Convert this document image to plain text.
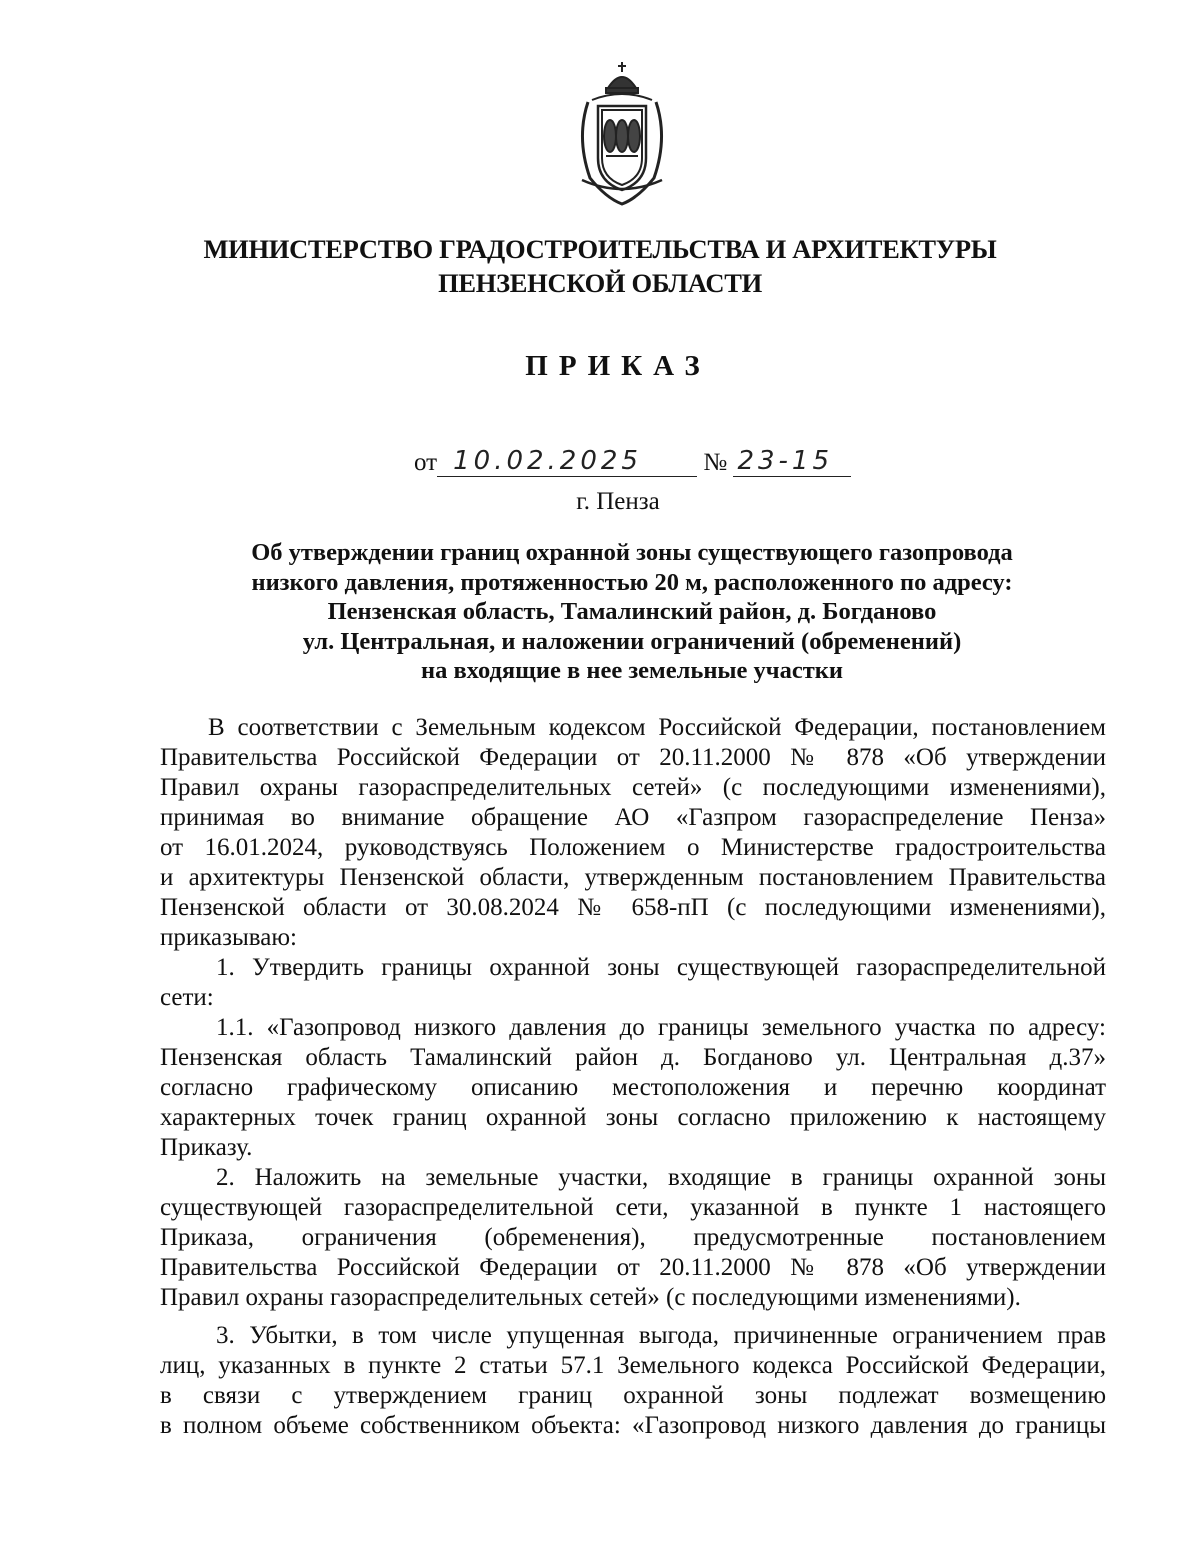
МИНИСТЕРСТВО ГРАДОСТРОИТЕЛЬСТВА И АРХИТЕКТУРЫ
ПЕНЗЕНСКОЙ ОБЛАСТИ
ПРИКАЗ
от 10.02.2025 № 23-15
г. Пенза
Об утверждении границ охранной зоны существующего газопровода
низкого давления, протяженностью 20 м, расположенного по адресу:
Пензенская область, Тамалинский район, д. Богданово
ул. Центральная, и наложении ограничений (обременений)
на входящие в нее земельные участки
В соответствии с Земельным кодексом Российской Федерации, постановлением
Правительства Российской Федерации от 20.11.2000 № 878 «Об утверждении
Правил охраны газораспределительных сетей» (с последующими изменениями),
принимая во внимание обращение АО «Газпром газораспределение Пенза»
от 16.01.2024, руководствуясь Положением о Министерстве градостроительства
и архитектуры Пензенской области, утвержденным постановлением Правительства
Пензенской области от 30.08.2024 № 658-пП (с последующими изменениями),
приказываю:
1. Утвердить границы охранной зоны существующей газораспределительной
сети:
1.1. «Газопровод низкого давления до границы земельного участка по адресу:
Пензенская область Тамалинский район д. Богданово ул. Центральная д.37»
согласно графическому описанию местоположения и перечню координат
характерных точек границ охранной зоны согласно приложению к настоящему
Приказу.
2. Наложить на земельные участки, входящие в границы охранной зоны
существующей газораспределительной сети, указанной в пункте 1 настоящего
Приказа, ограничения (обременения), предусмотренные постановлением
Правительства Российской Федерации от 20.11.2000 № 878 «Об утверждении
Правил охраны газораспределительных сетей» (с последующими изменениями).
3. Убытки, в том числе упущенная выгода, причиненные ограничением прав
лиц, указанных в пункте 2 статьи 57.1 Земельного кодекса Российской Федерации,
в связи с утверждением границ охранной зоны подлежат возмещению
в полном объеме собственником объекта: «Газопровод низкого давления до границы
